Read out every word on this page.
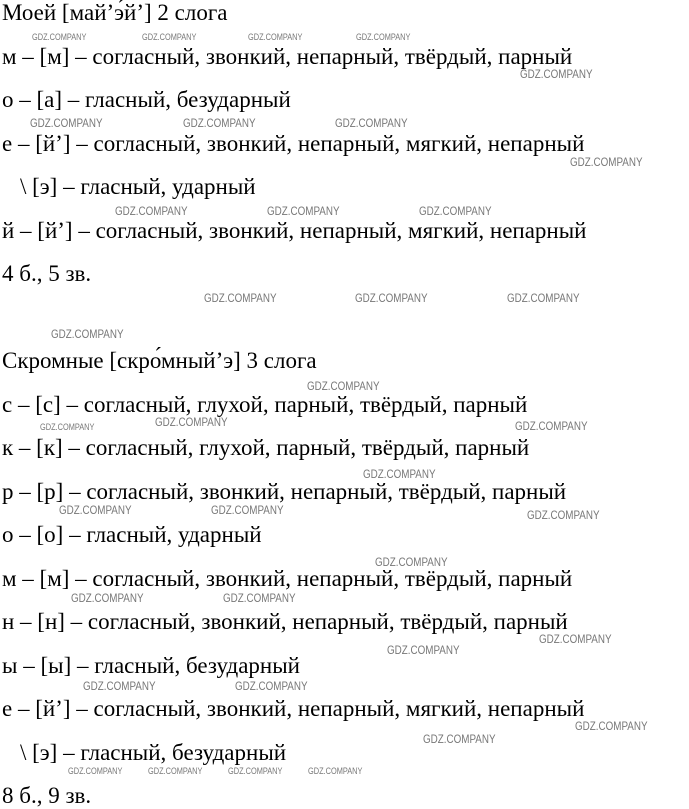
Моей [май’э́й’] 2 слога

м – [м] – согласный, звонкий, непарный, твёрдый, парный

о – [а] – гласный, безударный

е – [й’] – согласный, звонкий, непарный, мягкий, непарный

\ [э] – гласный, ударный

й – [й’] – согласный, звонкий, непарный, мягкий, непарный

4 б., 5 зв.

Скромные [скро́мный’э] 3 слога

с – [с] – согласный, глухой, парный, твёрдый, парный

к – [к] – согласный, глухой, парный, твёрдый, парный

р – [р] – согласный, звонкий, непарный, твёрдый, парный

о – [о] – гласный, ударный

м – [м] – согласный, звонкий, непарный, твёрдый, парный

н – [н] – согласный, звонкий, непарный, твёрдый, парный

ы – [ы] – гласный, безударный

е – [й’] – согласный, звонкий, непарный, мягкий, непарный

\ [э] – гласный, безударный

8 б., 9 зв.

GDZ.COMPANY	GDZ.COMPANY	GDZ.COMPANY	GDZ.COMPANY
GDZ.COMPANY
GDZ.COMPANY	GDZ.COMPANY	GDZ.COMPANY
GDZ.COMPANY
GDZ.COMPANY	GDZ.COMPANY	GDZ.COMPANY
GDZ.COMPANY	GDZ.COMPANY	GDZ.COMPANY
GDZ.COMPANY
GDZ.COMPANY
GDZ.COMPANY	GDZ.COMPANY	GDZ.COMPANY
GDZ.COMPANY
GDZ.COMPANY	GDZ.COMPANY	GDZ.COMPANY
GDZ.COMPANY
GDZ.COMPANY	GDZ.COMPANY
GDZ.COMPANY
GDZ.COMPANY
GDZ.COMPANY	GDZ.COMPANY
GDZ.COMPANY
GDZ.COMPANY
GDZ.COMPANY	GDZ.COMPANY	GDZ.COMPANY	GDZ.COMPANY
